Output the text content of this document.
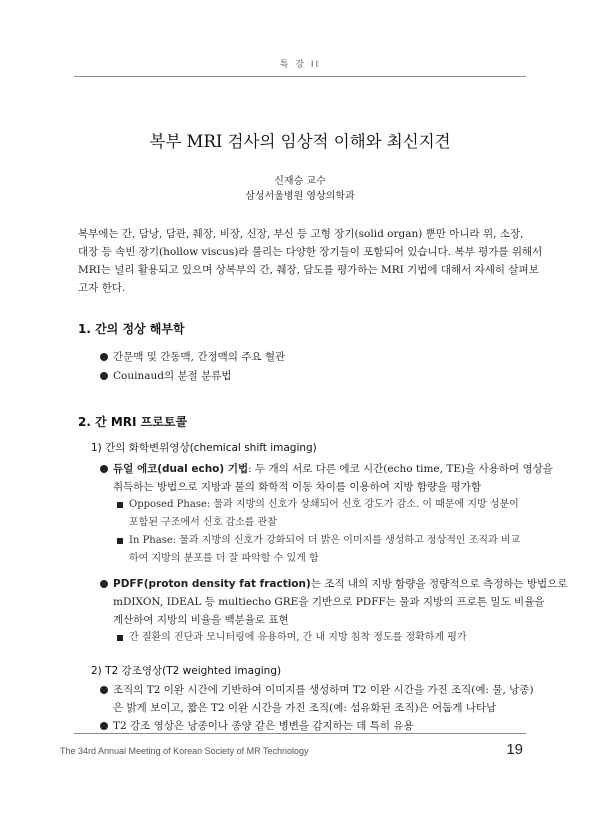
특 강 II
복부 MRI 검사의 임상적 이해와 최신지견
신재승 교수
삼성서울병원 영상의학과

복부에는 간, 담낭, 담관, 췌장, 비장, 신장, 부신 등 고형 장기(solid organ) 뿐만 아니라 위, 소장,
대장 등 속빈 장기(hollow viscus)라 불리는 다양한 장기들이 포함되어 있습니다. 복부 평가를 위해서
MRI는 널리 활용되고 있으며 상복부의 간, 췌장, 담도를 평가하는 MRI 기법에 대해서 자세히 살펴보
고자 한다.

1. 간의 정상 해부학
간문맥 및 간동맥, 간정맥의 주요 혈관
Couinaud의 분절 분류법
2. 간 MRI 프로토콜
1) 간의 화학변위영상(chemical shift imaging)
듀얼 에코(dual echo) 기법: 두 개의 서로 다른 에코 시간(echo time, TE)을 사용하여 영상을
취득하는 방법으로 지방과 물의 화학적 이동 차이를 이용하여 지방 함량을 평가함
Opposed Phase: 물과 지방의 신호가 상쇄되어 신호 강도가 감소. 이 때문에 지방 성분이
포함된 구조에서 신호 감소를 관찰
In Phase: 물과 지방의 신호가 강화되어 더 밝은 이미지를 생성하고 정상적인 조직과 비교
하여 지방의 분포를 더 잘 파악할 수 있게 함
PDFF(proton density fat fraction)는 조직 내의 지방 함량을 정량적으로 측정하는 방법으로
mDIXON, IDEAL 등 multiecho GRE을 기반으로 PDFF는 물과 지방의 프로톤 밀도 비율을
계산하여 지방의 비율을 백분율로 표현
간 질환의 진단과 모니터링에 유용하며, 간 내 지방 침착 정도를 정확하게 평가
2) T2 강조영상(T2 weighted imaging)
조직의 T2 이완 시간에 기반하여 이미지를 생성하며 T2 이완 시간을 가진 조직(예: 물, 낭종)
은 밝게 보이고, 짧은 T2 이완 시간을 가진 조직(예: 섬유화된 조직)은 어둡게 나타남
T2 강조 영상은 낭종이나 종양 같은 병변을 감지하는 데 특히 유용
The 34rd Annual Meeting of Korean Society of MR Technology	19
